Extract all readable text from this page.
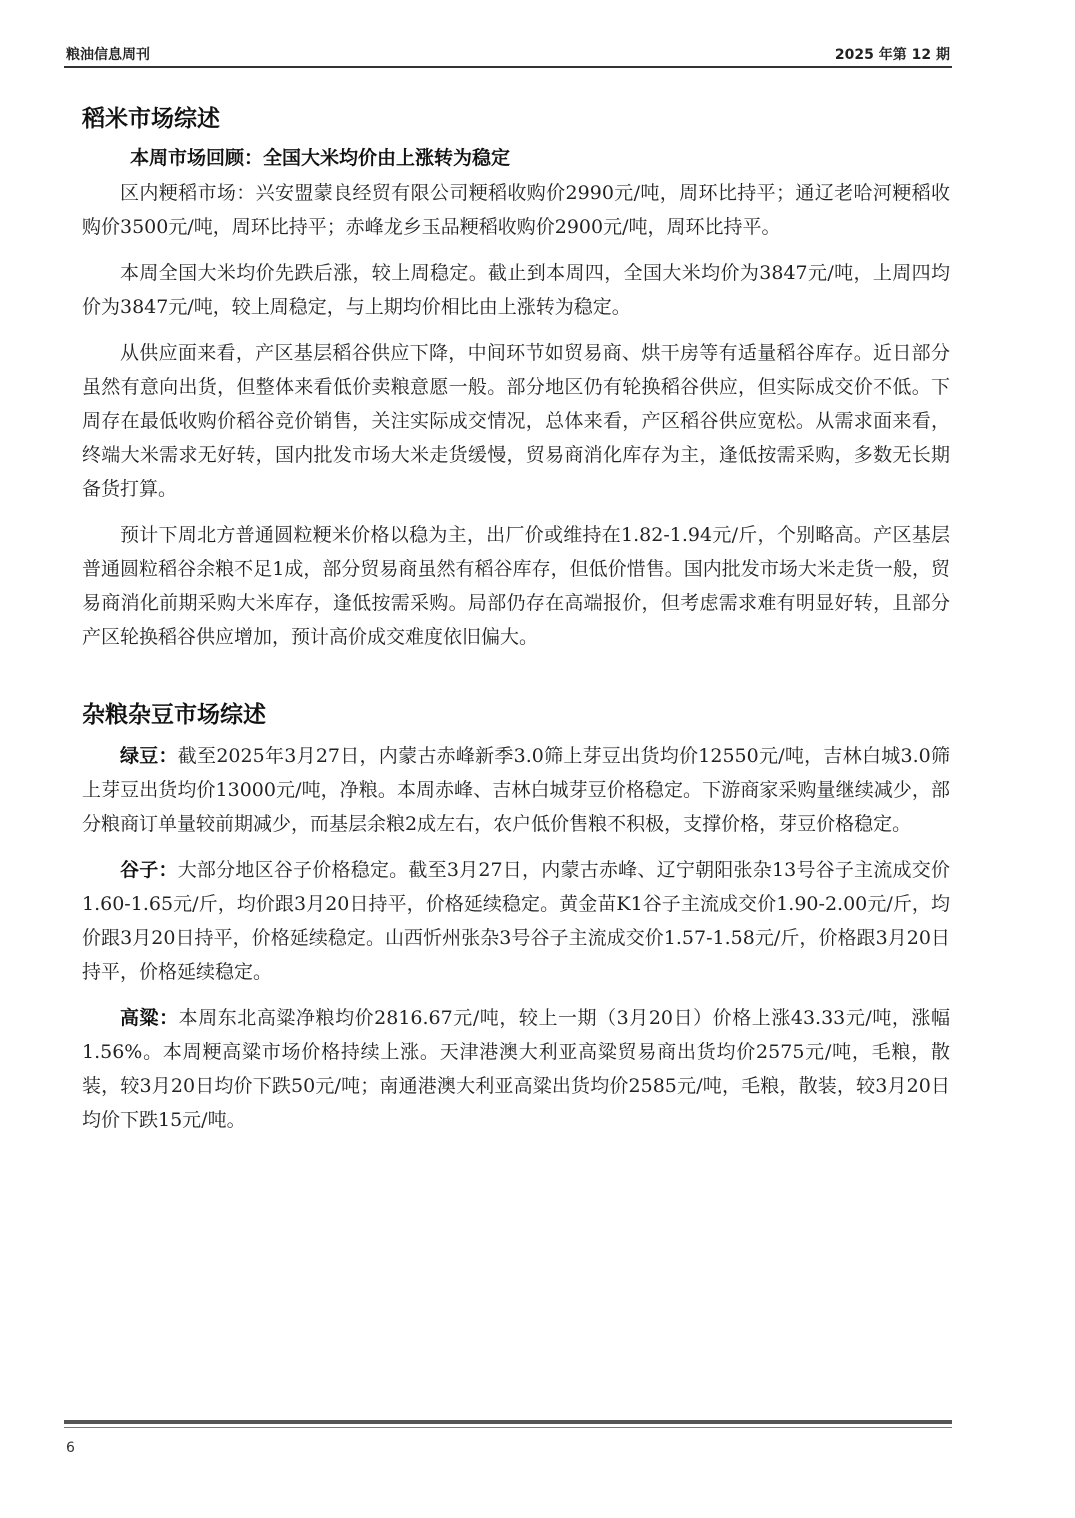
粮油信息周刊	2025 年第 12 期
稻米市场综述
本周市场回顾：全国大米均价由上涨转为稳定

区内粳稻市场：兴安盟蒙良经贸有限公司粳稻收购价2990元/吨，周环比持平；通辽老哈河粳稻收购价3500元/吨，周环比持平；赤峰龙乡玉品粳稻收购价2900元/吨，周环比持平。

本周全国大米均价先跌后涨，较上周稳定。截止到本周四，全国大米均价为3847元/吨，上周四均价为3847元/吨，较上周稳定，与上期均价相比由上涨转为稳定。

从供应面来看，产区基层稻谷供应下降，中间环节如贸易商、烘干房等有适量稻谷库存。近日部分虽然有意向出货，但整体来看低价卖粮意愿一般。部分地区仍有轮换稻谷供应，但实际成交价不低。下周存在最低收购价稻谷竞价销售，关注实际成交情况，总体来看，产区稻谷供应宽松。从需求面来看，终端大米需求无好转，国内批发市场大米走货缓慢，贸易商消化库存为主，逢低按需采购，多数无长期备货打算。

预计下周北方普通圆粒粳米价格以稳为主，出厂价或维持在1.82-1.94元/斤，个别略高。产区基层普通圆粒稻谷余粮不足1成，部分贸易商虽然有稻谷库存，但低价惜售。国内批发市场大米走货一般，贸易商消化前期采购大米库存，逢低按需采购。局部仍存在高端报价，但考虑需求难有明显好转，且部分产区轮换稻谷供应增加，预计高价成交难度依旧偏大。

杂粮杂豆市场综述

绿豆：截至2025年3月27日，内蒙古赤峰新季3.0筛上芽豆出货均价12550元/吨，吉林白城3.0筛上芽豆出货均价13000元/吨，净粮。本周赤峰、吉林白城芽豆价格稳定。下游商家采购量继续减少，部分粮商订单量较前期减少，而基层余粮2成左右，农户低价售粮不积极，支撑价格，芽豆价格稳定。

谷子：大部分地区谷子价格稳定。截至3月27日，内蒙古赤峰、辽宁朝阳张杂13号谷子主流成交价1.60-1.65元/斤，均价跟3月20日持平，价格延续稳定。黄金苗K1谷子主流成交价1.90-2.00元/斤，均价跟3月20日持平，价格延续稳定。山西忻州张杂3号谷子主流成交价1.57-1.58元/斤，价格跟3月20日持平，价格延续稳定。

高粱：本周东北高粱净粮均价2816.67元/吨，较上一期（3月20日）价格上涨43.33元/吨，涨幅1.56%。本周粳高粱市场价格持续上涨。天津港澳大利亚高粱贸易商出货均价2575元/吨，毛粮，散装，较3月20日均价下跌50元/吨；南通港澳大利亚高粱出货均价2585元/吨，毛粮，散装，较3月20日均价下跌15元/吨。

6
